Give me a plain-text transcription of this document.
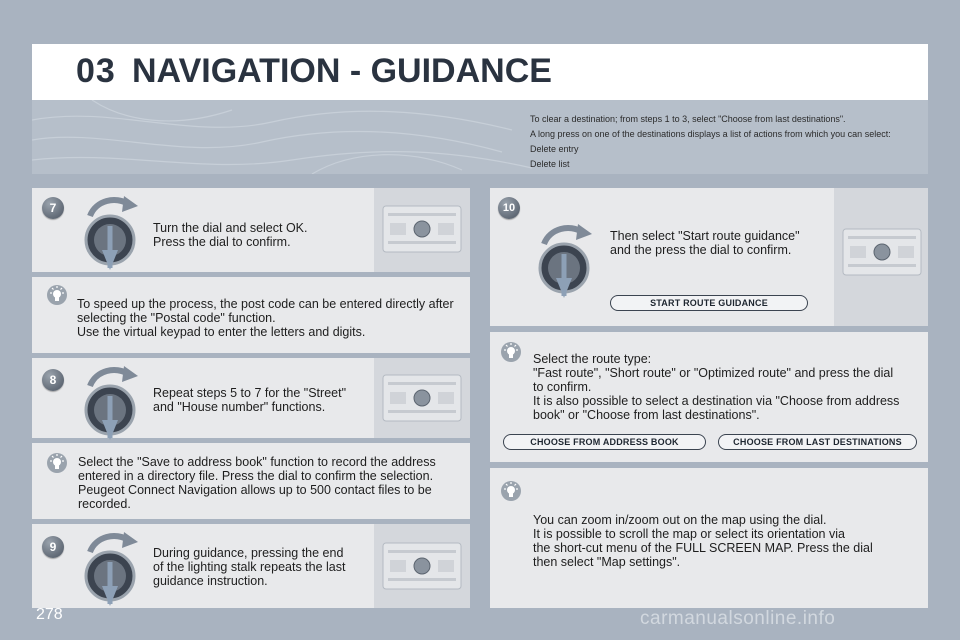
03 NAVIGATION - GUIDANCE
To clear a destination; from steps 1 to 3, select "Choose from last destinations".
A long press on one of the destinations displays a list of actions from which you can select:
Delete entry
Delete list
7
Turn the dial and select OK.
Press the dial to confirm.
To speed up the process, the post code can be entered directly after
selecting the "Postal code" function.
Use the virtual keypad to enter the letters and digits.
8
Repeat steps 5 to 7 for the "Street"
and "House number" functions.
Select the "Save to address book" function to record the address
entered in a directory file. Press the dial to confirm the selection.
Peugeot Connect Navigation allows up to 500 contact files to be
recorded.
9	During guidance, pressing the end
of the lighting stalk repeats the last
guidance instruction.
10
Then select "Start route guidance"
and the press the dial to confirm.
START ROUTE GUIDANCE
Select the route type:
"Fast route", "Short route" or "Optimized route" and press the dial
to confirm.
It is also possible to select a destination via "Choose from address
book" or "Choose from last destinations".
CHOOSE FROM ADDRESS BOOK	CHOOSE FROM LAST DESTINATIONS
You can zoom in/zoom out on the map using the dial.
It is possible to scroll the map or select its orientation via
the short-cut menu of the FULL SCREEN MAP. Press the dial
then select "Map settings".
278	carmanualsonline.info
